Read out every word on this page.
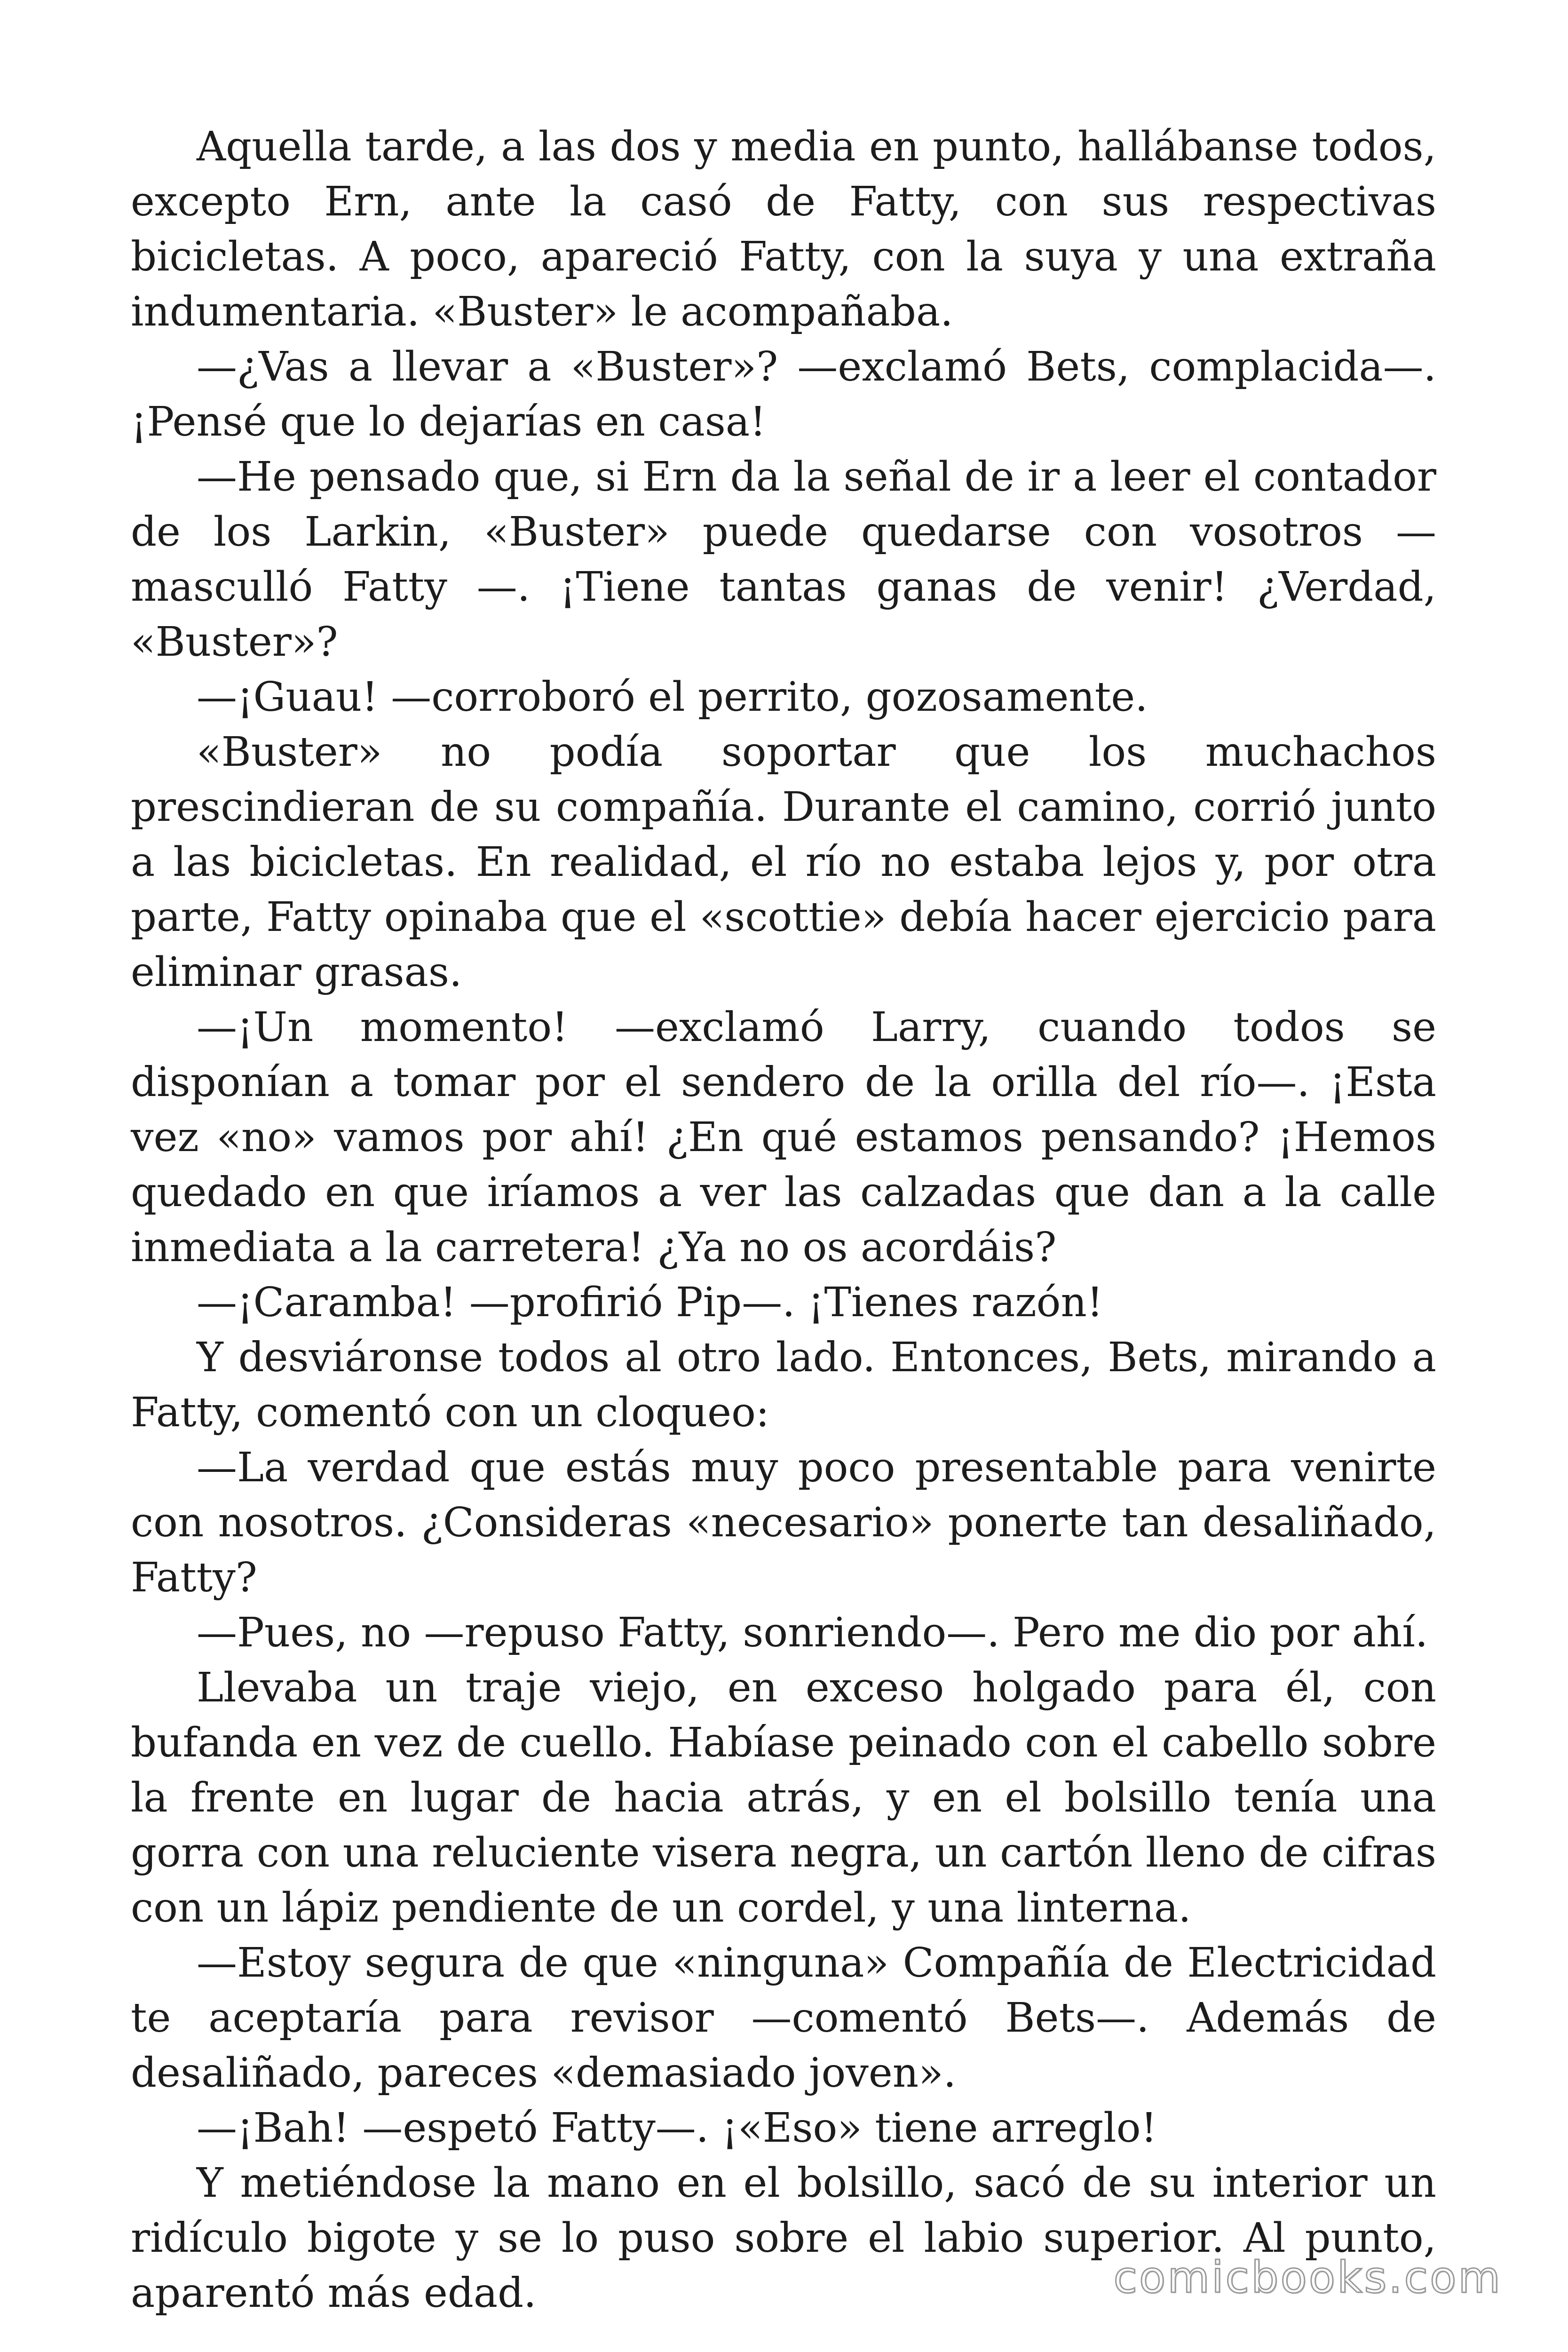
Aquella tarde, a las dos y media en punto, hallábanse todos, excepto Ern, ante la casó de Fatty, con sus respectivas bicicletas. A poco, apareció Fatty, con la suya y una extraña indumentaria. «Buster» le acompañaba.

—¿Vas a llevar a «Buster»? —exclamó Bets, complacida—. ¡Pensé que lo dejarías en casa!

—He pensado que, si Ern da la señal de ir a leer el contador de los Larkin, «Buster» puede quedarse con vosotros —masculló Fatty —. ¡Tiene tantas ganas de venir! ¿Verdad, «Buster»?

—¡Guau! —corroboró el perrito, gozosamente.

«Buster» no podía soportar que los muchachos prescindieran de su compañía. Durante el camino, corrió junto a las bicicletas. En realidad, el río no estaba lejos y, por otra parte, Fatty opinaba que el «scottie» debía hacer ejercicio para eliminar grasas.

—¡Un momento! —exclamó Larry, cuando todos se disponían a tomar por el sendero de la orilla del río—. ¡Esta vez «no» vamos por ahí! ¿En qué estamos pensando? ¡Hemos quedado en que iríamos a ver las calzadas que dan a la calle inmediata a la carretera! ¿Ya no os acordáis?

—¡Caramba! —profirió Pip—. ¡Tienes razón!

Y desviáronse todos al otro lado. Entonces, Bets, mirando a Fatty, comentó con un cloqueo:

—La verdad que estás muy poco presentable para venirte con nosotros. ¿Consideras «necesario» ponerte tan desaliñado, Fatty?

—Pues, no —repuso Fatty, sonriendo—. Pero me dio por ahí.

Llevaba un traje viejo, en exceso holgado para él, con bufanda en vez de cuello. Habíase peinado con el cabello sobre la frente en lugar de hacia atrás, y en el bolsillo tenía una gorra con una reluciente visera negra, un cartón lleno de cifras con un lápiz pendiente de un cordel, y una linterna.

—Estoy segura de que «ninguna» Compañía de Electricidad te aceptaría para revisor —comentó Bets—. Además de desaliñado, pareces «demasiado joven».

—¡Bah! —espetó Fatty—. ¡«Eso» tiene arreglo!

Y metiéndose la mano en el bolsillo, sacó de su interior un ridículo bigote y se lo puso sobre el labio superior. Al punto, aparentó más edad.	comicbooks.com
